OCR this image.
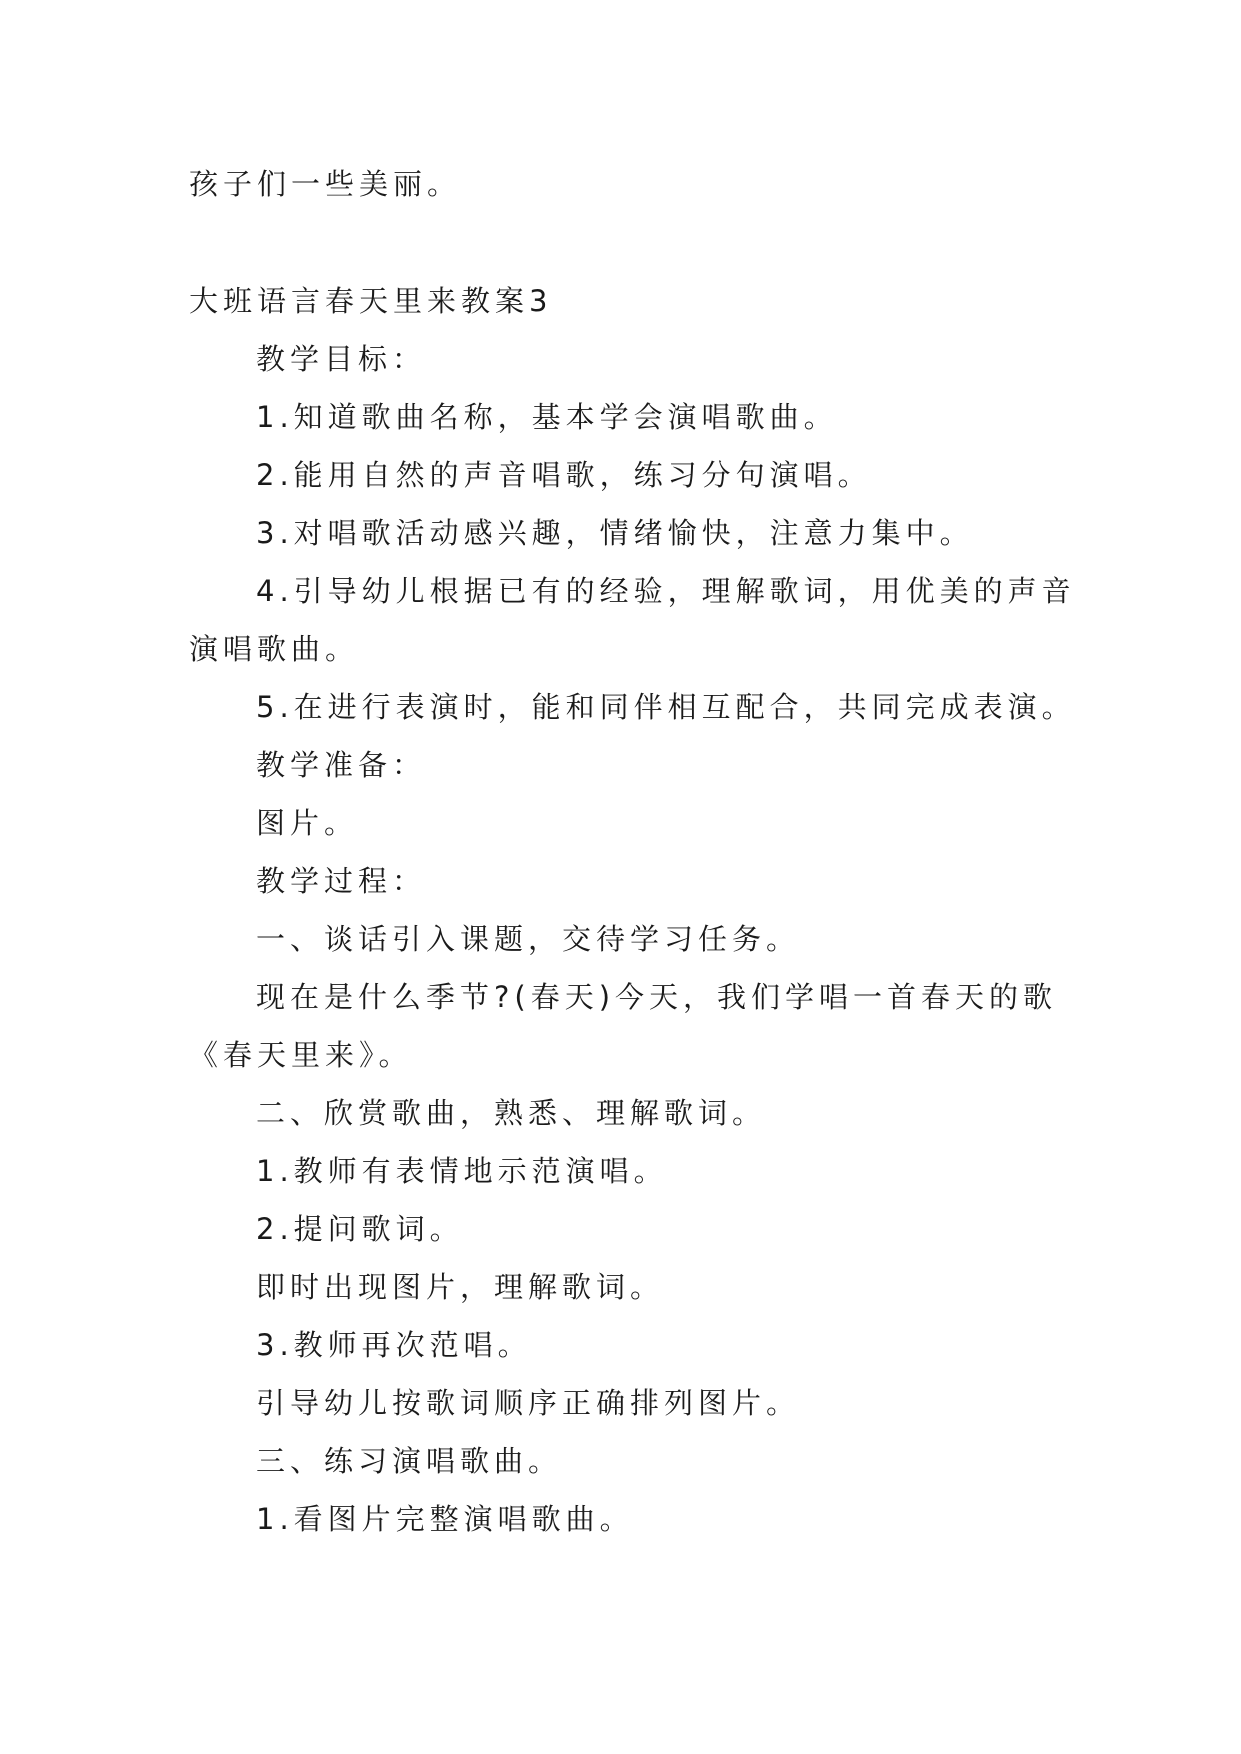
孩子们一些美丽。
大班语言春天里来教案3
教学目标：
1.知道歌曲名称，基本学会演唱歌曲。
2.能用自然的声音唱歌，练习分句演唱。
3.对唱歌活动感兴趣，情绪愉快，注意力集中。
4.引导幼儿根据已有的经验，理解歌词，用优美的声音
演唱歌曲。
5.在进行表演时，能和同伴相互配合，共同完成表演。
教学准备：
图片。
教学过程：
一、谈话引入课题，交待学习任务。
现在是什么季节?(春天)今天，我们学唱一首春天的歌
《春天里来》。
二、欣赏歌曲，熟悉、理解歌词。
1.教师有表情地示范演唱。
2.提问歌词。
即时出现图片，理解歌词。
3.教师再次范唱。
引导幼儿按歌词顺序正确排列图片。
三、练习演唱歌曲。
1.看图片完整演唱歌曲。
